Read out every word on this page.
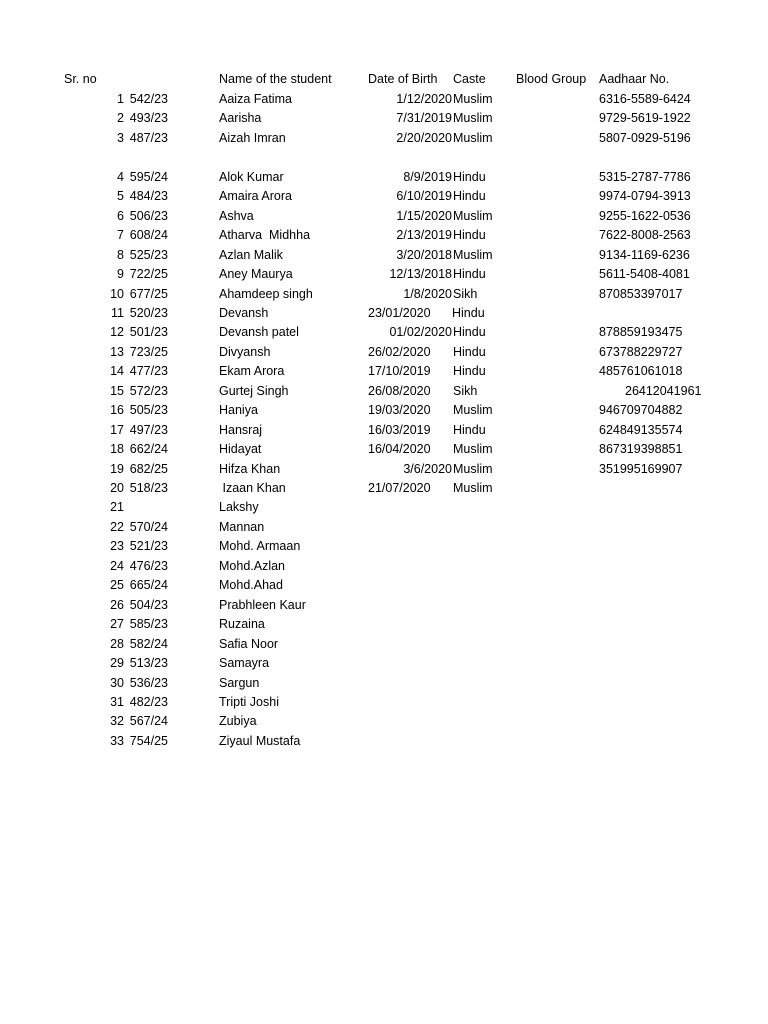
Sr. no	Name of the student	Date of Birth Caste Blood Group Aadhaar No.
1 542/23	Aaiza Fatima	1/12/2020 Muslim	6316-5589-6424
2 493/23	Aarisha	7/31/2019 Muslim	9729-5619-1922
3 487/23	Aizah Imran	2/20/2020 Muslim	5807-0929-5196
4 595/24	Alok Kumar	8/9/2019 Hindu	5315-2787-7786
5 484/23	Amaira Arora	6/10/2019 Hindu	9974-0794-3913
6 506/23	Ashva	1/15/2020 Muslim	9255-1622-0536
7 608/24	Atharva  Midhha	2/13/2019 Hindu	7622-8008-2563
8 525/23	Azlan Malik	3/20/2018 Muslim	9134-1169-6236
9 722/25	Aney Maurya	12/13/2018 Hindu	5611-5408-4081
10 677/25	Ahamdeep singh	1/8/2020 Sikh	870853397017
11 520/23	Devansh	23/01/2020 Hindu
12 501/23	Devansh patel	01/02/2020 Hindu	878859193475
13 723/25	Divyansh	26/02/2020 Hindu	673788229727
14 477/23	Ekam Arora	17/10/2019 Hindu	485761061018
15 572/23	Gurtej Singh	26/08/2020 Sikh	26412041961
16 505/23	Haniya	19/03/2020 Muslim	946709704882
17 497/23	Hansraj	16/03/2019 Hindu	624849135574
18 662/24	Hidayat	16/04/2020 Muslim	867319398851
19 682/25	Hifza Khan	3/6/2020 Muslim	351995169907
20 518/23	Izaan Khan	21/07/2020 Muslim
21	Lakshy
22 570/24	Mannan
23 521/23	Mohd. Armaan
24 476/23	Mohd.Azlan
25 665/24	Mohd.Ahad
26 504/23	Prabhleen Kaur
27 585/23	Ruzaina
28 582/24	Safia Noor
29 513/23	Samayra
30 536/23	Sargun
31 482/23	Tripti Joshi
32 567/24	Zubiya
33 754/25	Ziyaul Mustafa
